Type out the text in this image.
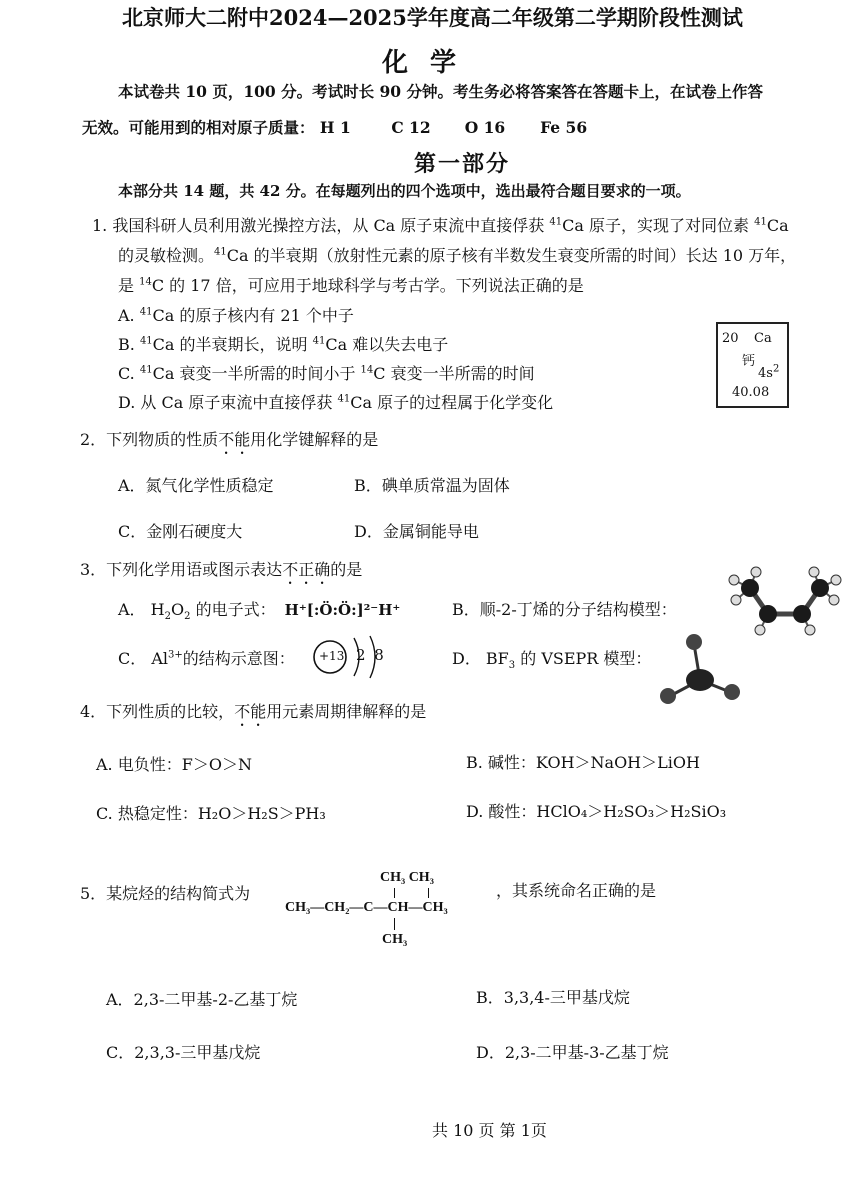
北京师大二附中2024—2025学年度高二年级第二学期阶段性测试
化学
本试卷共 10 页，100 分。考试时长 90 分钟。考生务必将答案答在答题卡上，在试卷上作答
无效。可能用到的相对原子质量： H 1	C 12 O 16 Fe 56
第一部分
本部分共 14 题，共 42 分。在每题列出的四个选项中，选出最符合题目要求的一项。
1. 我国科研人员利用激光操控方法，从 Ca 原子束流中直接俘获 $^{41}$Ca 原子，实现了对同位素 $^{41}$Ca
的灵敏检测。$^{41}$Ca 的半衰期（放射性元素的原子核有半数发生衰变所需的时间）长达 10 万年，
是 $^{14}$C 的 17 倍，可应用于地球科学与考古学。下列说法正确的是
A. $^{41}$Ca 的原子核内有 21 个中子
B. $^{41}$Ca 的半衰期长，说明 $^{41}$Ca 难以失去电子
C. $^{41}$Ca 衰变一半所需的时间小于 $^{14}$C 衰变一半所需的时间
D. 从 Ca 原子束流中直接俘获 $^{41}$Ca 原子的过程属于化学变化
20 Ca
钙
$4s^2$
40.08
2．下列物质的性质不能用化学键解释的是
A．氮气化学性质稳定	B．碘单质常温为固体
C．金刚石硬度大	D．金属铜能导电
3．下列化学用语或图示表达不正确的是
A． $H_2O_2$ 的电子式： H⁺[:Ö:Ö:]²⁻H⁺	B．顺-2-丁烯的分子结构模型：
C． $Al^{3+}$的结构示意图： +13 2 8	D． $BF_3$ 的 VSEPR 模型：
4．下列性质的比较，不能用元素周期律解释的是
A. 电负性：F＞O＞N	B. 碱性：KOH＞NaOH＞LiOH
C. 热稳定性：H₂O＞H₂S＞PH₃	D. 酸性：HClO₄＞H₂SO₃＞H₂SiO₃
5．某烷烃的结构简式为
CH₃ CH₃
CH₃—CH₂—C—CH—CH₃
CH₃
，其系统命名正确的是
A．2,3-二甲基-2-乙基丁烷	B．3,3,4-三甲基戊烷
C．2,3,3-三甲基戊烷	D．2,3-二甲基-3-乙基丁烷
共 10 页 第 1页
